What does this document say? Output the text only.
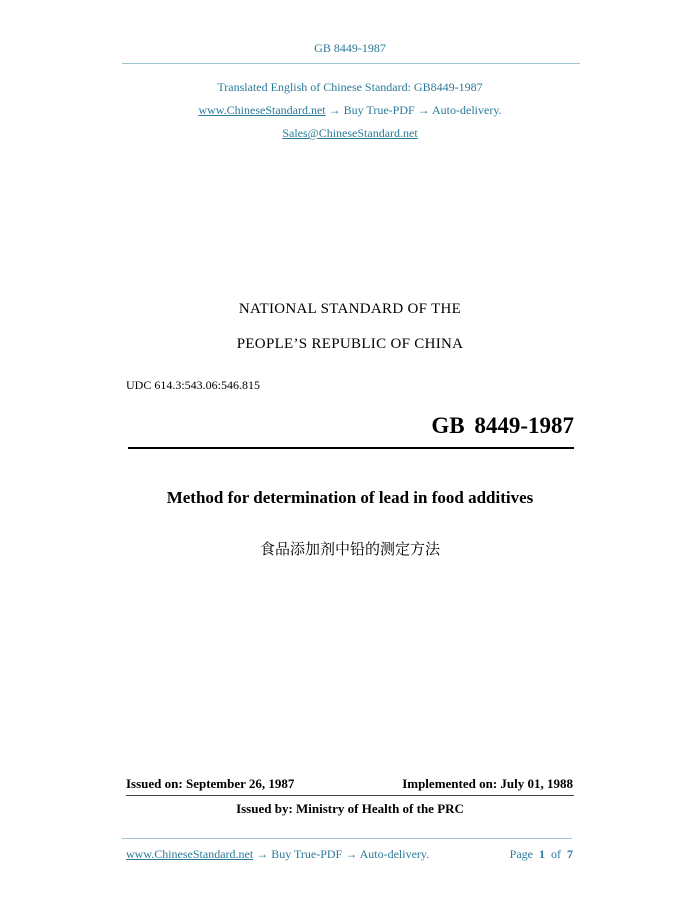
GB 8449-1987
Translated English of Chinese Standard: GB8449-1987
www.ChineseStandard.net → Buy True-PDF → Auto-delivery.
Sales@ChineseStandard.net
NATIONAL STANDARD OF THE
PEOPLE’S REPUBLIC OF CHINA
UDC 614.3:543.06:546.815
GB 8449-1987
Method for determination of lead in food additives
食品添加剂中铅的测定方法
Issued on: September 26, 1987	Implemented on: July 01, 1988
Issued by: Ministry of Health of the PRC
www.ChineseStandard.net → Buy True-PDF → Auto-delivery.	Page 1 of 7
